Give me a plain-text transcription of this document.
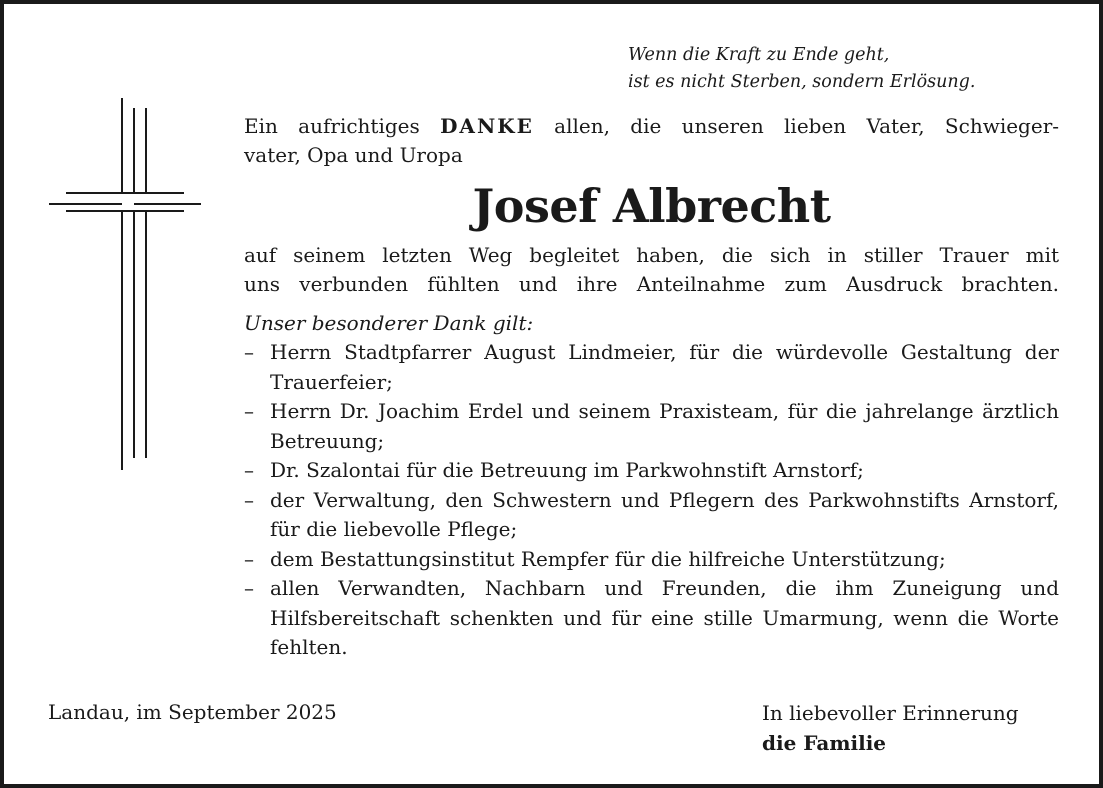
Wenn die Kraft zu Ende geht,
ist es nicht Sterben, sondern Erlösung.

Ein aufrichtiges DANKE allen, die unseren lieben Vater, Schwieger-

vater, Opa und Uropa

Josef Albrecht

auf seinem letzten Weg begleitet haben, die sich in stiller Trauer mit

uns verbunden fühlten und ihre Anteilnahme zum Ausdruck brachten.

Unser besonderer Dank gilt:

– Herrn Stadtpfarrer August Lindmeier, für die würdevolle Gestaltung der Trauerfeier;
– Herrn Dr. Joachim Erdel und seinem Praxisteam, für die jahrelange ärztlich Betreuung;
– Dr. Szalontai für die Betreuung im Parkwohnstift Arnstorf;
– der Verwaltung, den Schwestern und Pflegern des Parkwohnstifts Arnstorf, für die liebevolle Pflege;
– dem Bestattungsinstitut Rempfer für die hilfreiche Unterstützung;
– allen Verwandten, Nachbarn und Freunden, die ihm Zuneigung und Hilfsbereitschaft schenkten und für eine stille Umarmung, wenn die Worte fehlten.
Landau, im September 2025	In liebevoller Erinnerung
die Familie
